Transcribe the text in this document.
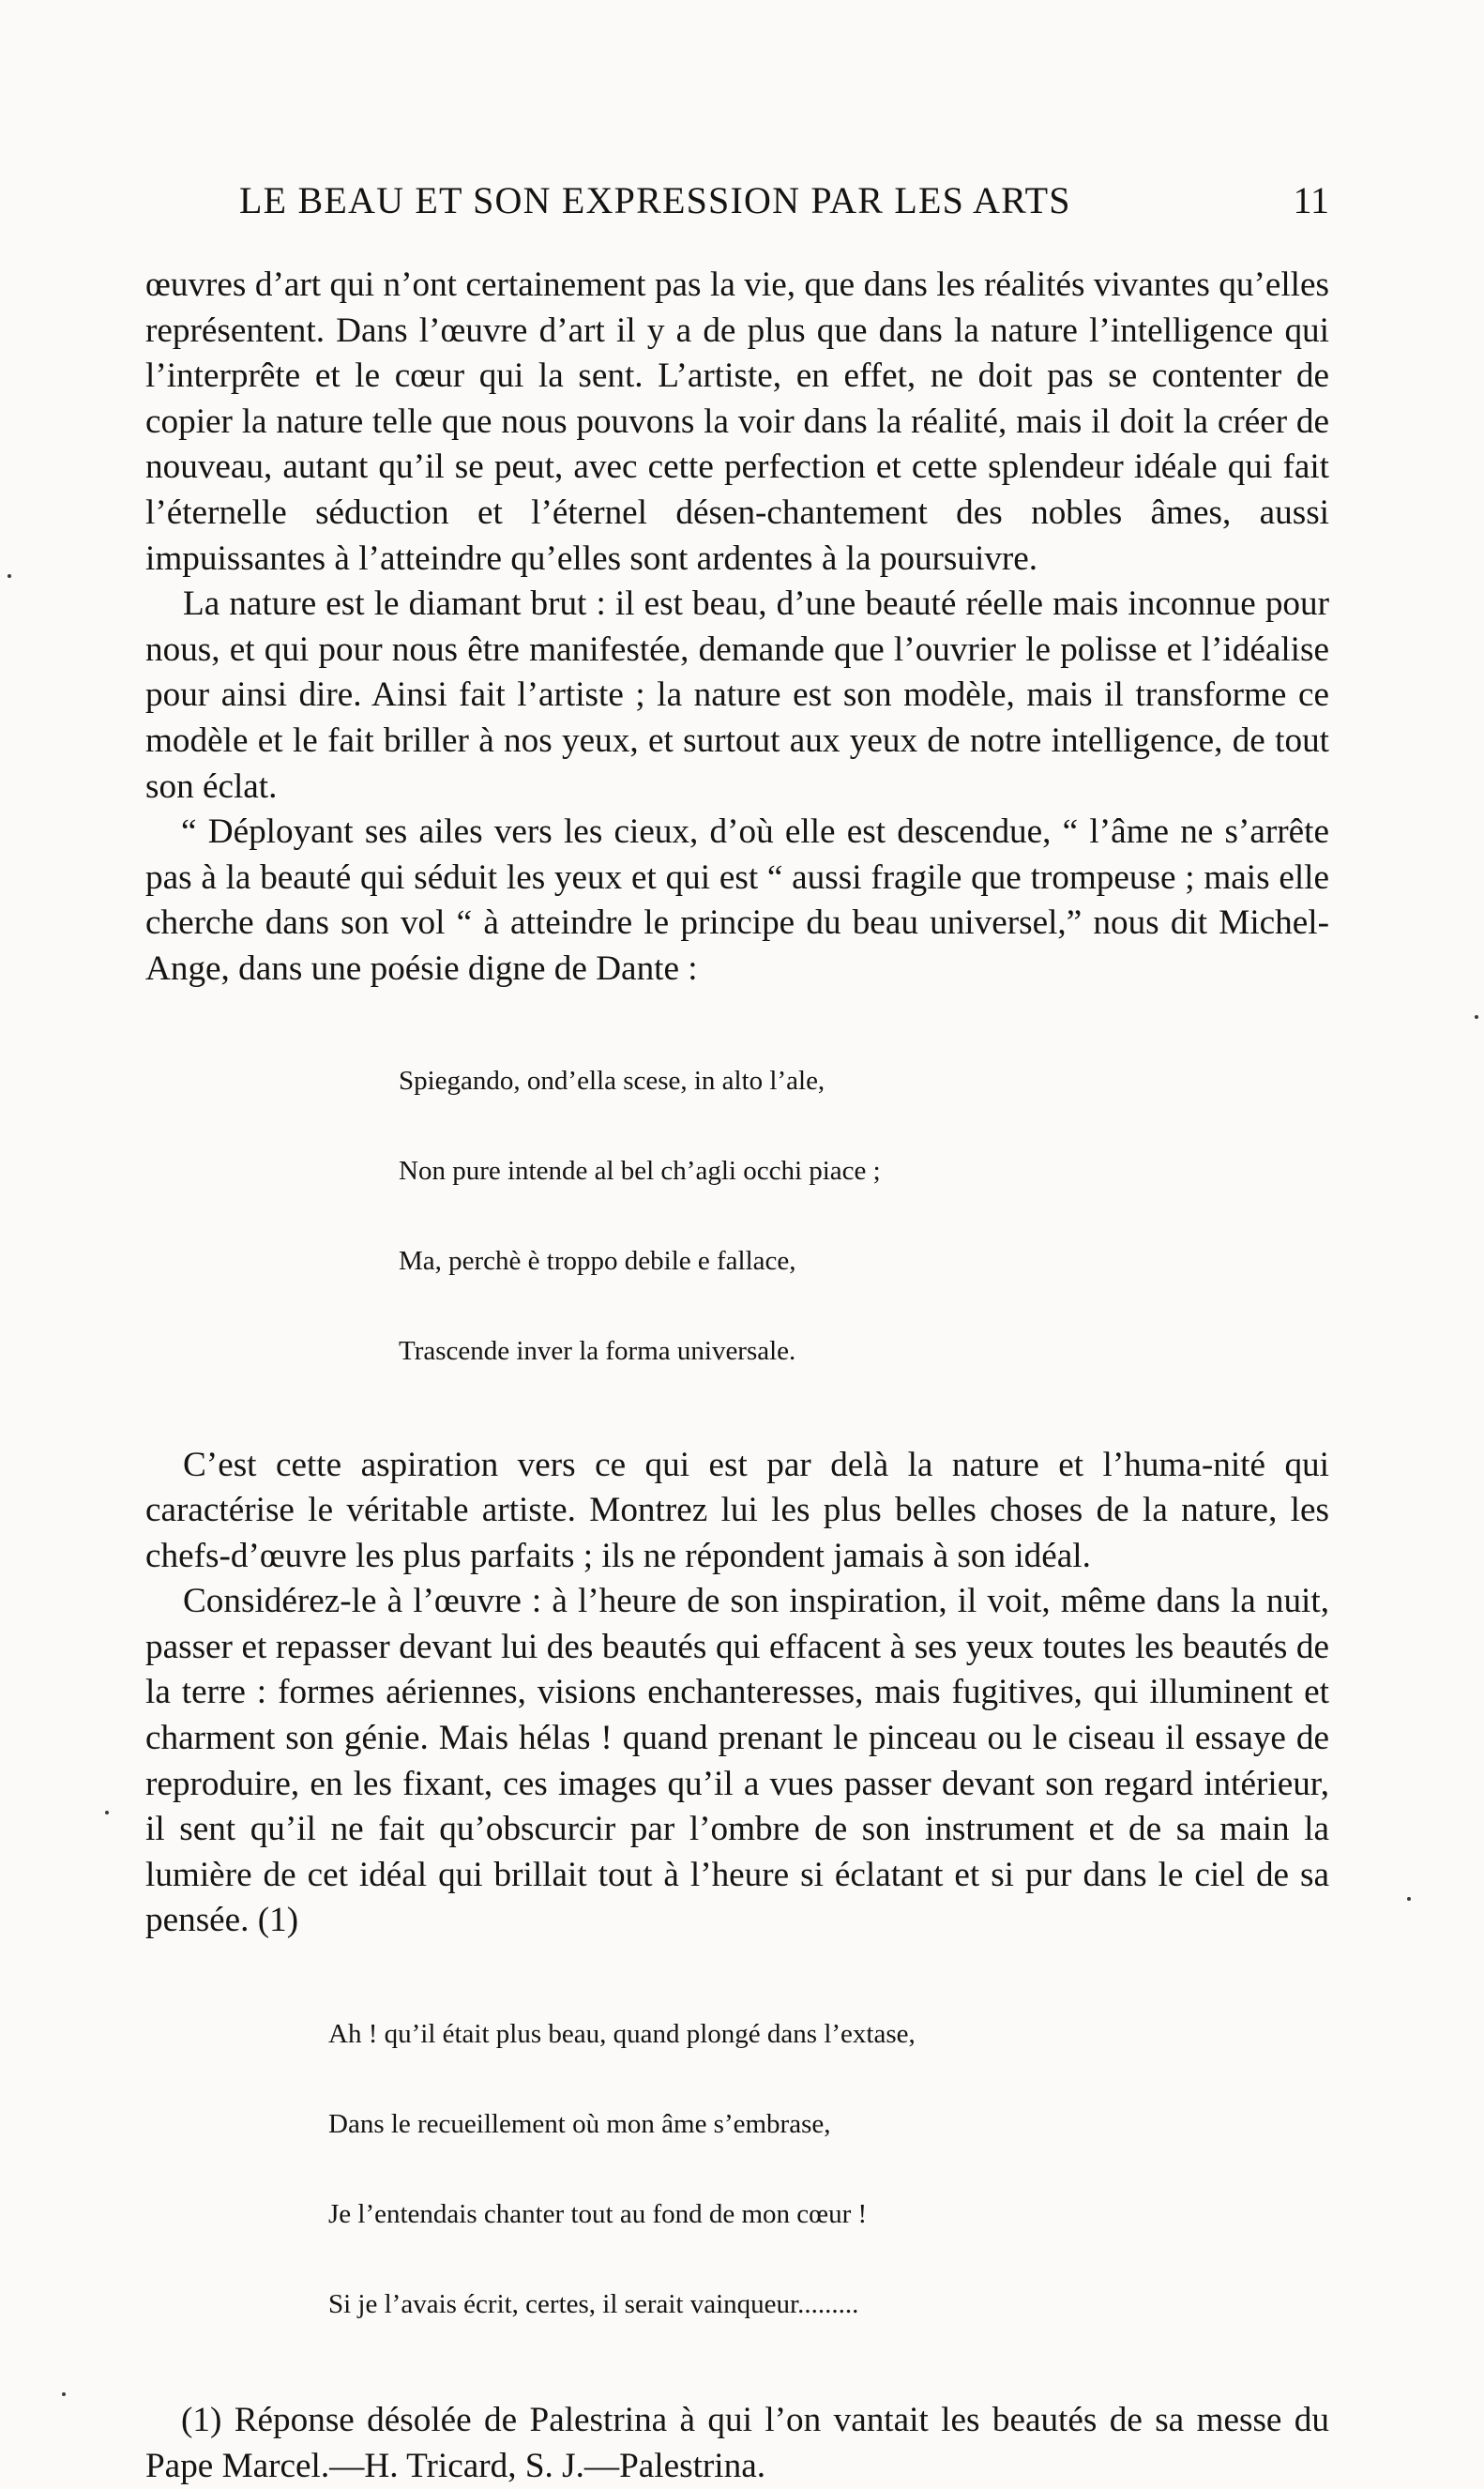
LE BEAU ET SON EXPRESSION PAR LES ARTS	11

œuvres d’art qui n’ont certainement pas la vie, que dans les réalités vivantes qu’elles représentent. Dans l’œuvre d’art il y a de plus que dans la nature l’intelligence qui l’interprête et le cœur qui la sent. L’artiste, en effet, ne doit pas se contenter de copier la nature telle que nous pouvons la voir dans la réalité, mais il doit la créer de nouveau, autant qu’il se peut, avec cette perfection et cette splendeur idéale qui fait l’éternelle séduction et l’éternel désen-chantement des nobles âmes, aussi impuissantes à l’atteindre qu’elles sont ardentes à la poursuivre.

La nature est le diamant brut : il est beau, d’une beauté réelle mais inconnue pour nous, et qui pour nous être manifestée, demande que l’ouvrier le polisse et l’idéalise pour ainsi dire. Ainsi fait l’artiste ; la nature est son modèle, mais il transforme ce modèle et le fait briller à nos yeux, et surtout aux yeux de notre intelligence, de tout son éclat.

“ Déployant ses ailes vers les cieux, d’où elle est descendue, “ l’âme ne s’arrête pas à la beauté qui séduit les yeux et qui est “ aussi fragile que trompeuse ; mais elle cherche dans son vol “ à atteindre le principe du beau universel,” nous dit Michel-Ange, dans une poésie digne de Dante :

Spiegando, ond’ella scese, in alto l’ale,

Non pure intende al bel ch’agli occhi piace ;

Ma, perchè è troppo debile e fallace,

Trascende inver la forma universale.

C’est cette aspiration vers ce qui est par delà la nature et l’huma-nité qui caractérise le véritable artiste. Montrez lui les plus belles choses de la nature, les chefs-d’œuvre les plus parfaits ; ils ne répondent jamais à son idéal.

Considérez-le à l’œuvre : à l’heure de son inspiration, il voit, même dans la nuit, passer et repasser devant lui des beautés qui effacent à ses yeux toutes les beautés de la terre : formes aériennes, visions enchanteresses, mais fugitives, qui illuminent et charment son génie. Mais hélas ! quand prenant le pinceau ou le ciseau il essaye de reproduire, en les fixant, ces images qu’il a vues passer devant son regard intérieur, il sent qu’il ne fait qu’obscurcir par l’ombre de son instrument et de sa main la lumière de cet idéal qui brillait tout à l’heure si éclatant et si pur dans le ciel de sa pensée. (1)

Ah ! qu’il était plus beau, quand plongé dans l’extase,

Dans le recueillement où mon âme s’embrase,

Je l’entendais chanter tout au fond de mon cœur !

Si je l’avais écrit, certes, il serait vainqueur.........

(1) Réponse désolée de Palestrina à qui l’on vantait les beautés de sa messe du Pape Marcel.—H. Tricard, S. J.—Palestrina.
